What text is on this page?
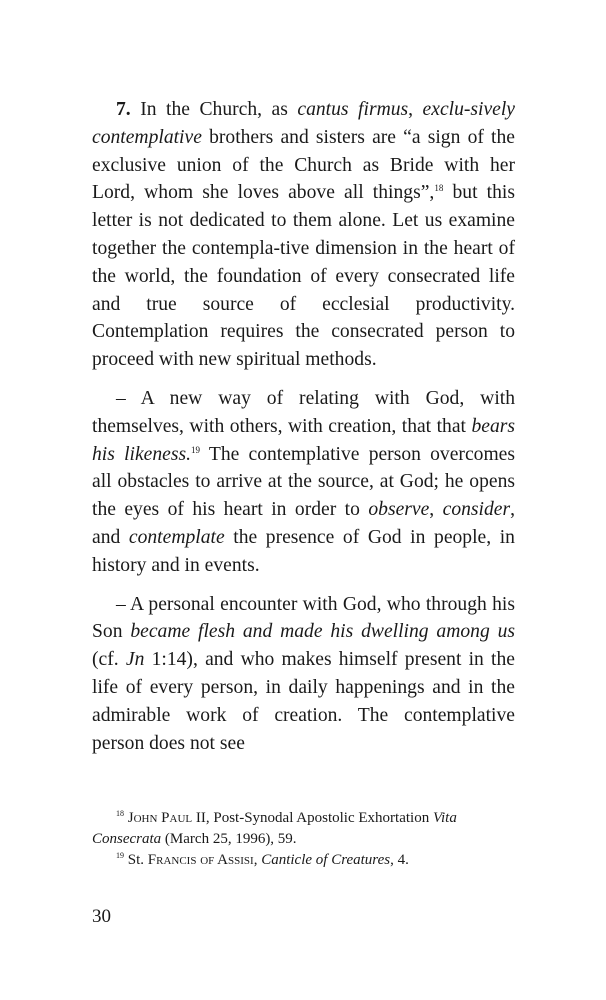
7. In the Church, as cantus firmus, exclu-sively contemplative brothers and sisters are “a sign of the exclusive union of the Church as Bride with her Lord, whom she loves above all things”,$^{18}$ but this letter is not dedicated to them alone. Let us examine together the contempla-tive dimension in the heart of the world, the foundation of every consecrated life and true source of ecclesial productivity. Contemplation requires the consecrated person to proceed with new spiritual methods.

– A new way of relating with God, with themselves, with others, with creation, that that bears his likeness.$^{19}$ The contemplative person overcomes all obstacles to arrive at the source, at God; he opens the eyes of his heart in order to observe, consider, and contemplate the presence of God in people, in history and in events.

– A personal encounter with God, who through his Son became flesh and made his dwelling among us (cf. Jn 1:14), and who makes himself present in the life of every person, in daily happenings and in the admirable work of creation. The contemplative person does not see

$^{18}$ John Paul II, Post-Synodal Apostolic Exhortation Vita Consecrata (March 25, 1996), 59.

$^{19}$ St. Francis of Assisi, Canticle of Creatures, 4.

30
